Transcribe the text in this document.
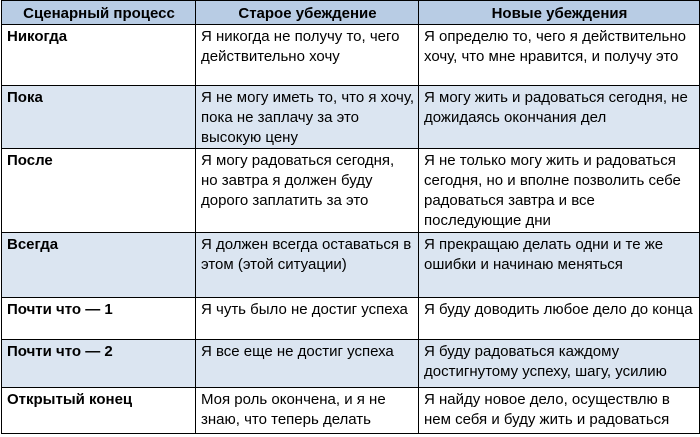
Сценарный процесс	Старое убеждение	Новые убеждения
Никогда	Я никогда не получу то, чего действительно хочу	Я определю то, чего я действительно хочу, что мне нравится, и получу это
Пока	Я не могу иметь то, что я хочу, пока не заплачу за это высокую цену	Я могу жить и радоваться сегодня, не дожидаясь окончания дел
После	Я могу радоваться сегодня, но завтра я должен буду дорого заплатить за это	Я не только могу жить и радоваться сегодня, но и вполне позволить себе радоваться завтра и все последующие дни
Всегда	Я должен всегда оставаться в этом (этой ситуации)	Я прекращаю делать одни и те же ошибки и начинаю меняться
Почти что — 1	Я чуть было не достиг успеха	Я буду доводить любое дело до конца
Почти что — 2	Я все еще не достиг успеха	Я буду радоваться каждому достигнутому успеху, шагу, усилию
Открытый конец	Моя роль окончена, и я не знаю, что теперь делать	Я найду новое дело, осуществлю в нем себя и буду жить и радоваться
